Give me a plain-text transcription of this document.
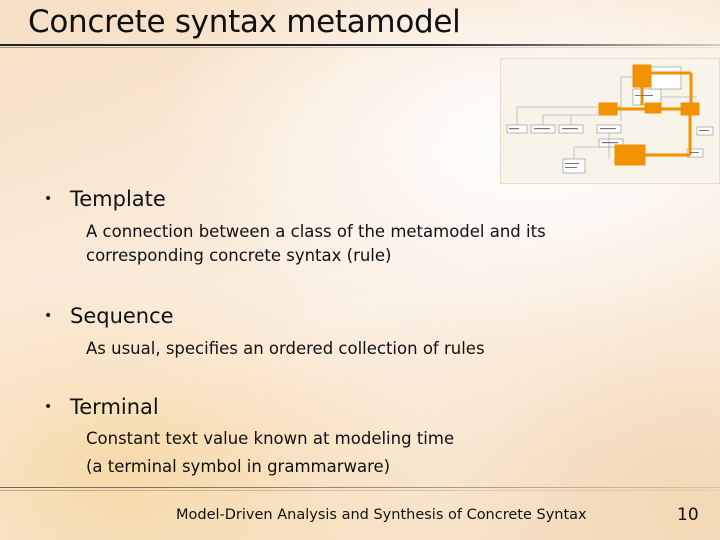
Concrete syntax metamodel
• Template
A connection between a class of the metamodel and its
corresponding concrete syntax (rule)
• Sequence
As usual, specifies an ordered collection of rules
• Terminal
Constant text value known at modeling time
(a terminal symbol in grammarware)
Model-Driven Analysis and Synthesis of Concrete Syntax	10
